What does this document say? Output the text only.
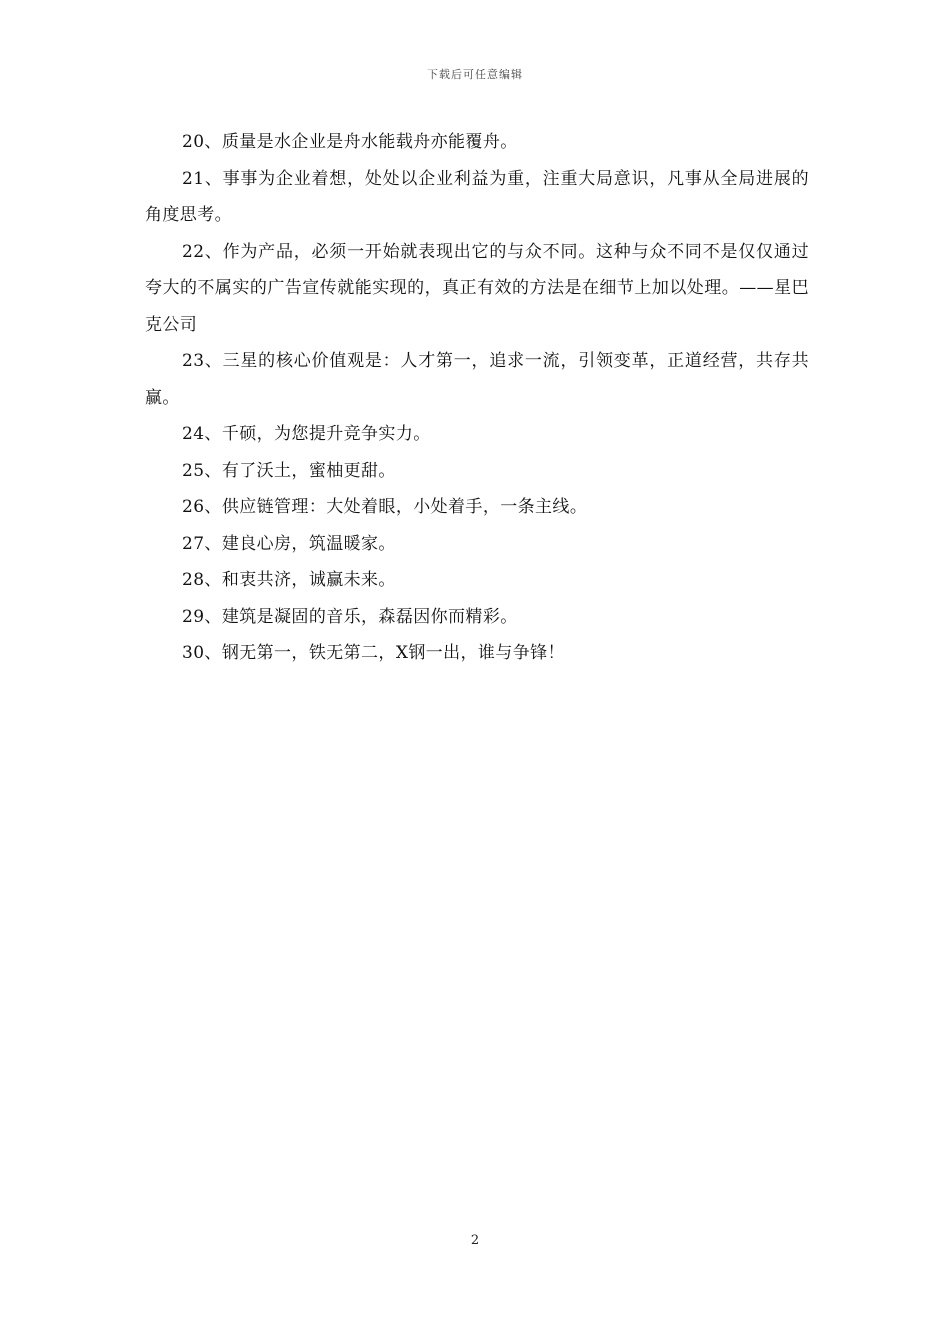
下载后可任意编辑

20、质量是水企业是舟水能载舟亦能覆舟。

21、事事为企业着想，处处以企业利益为重，注重大局意识，凡事从全局进展的角度思考。

22、作为产品，必须一开始就表现出它的与众不同。这种与众不同不是仅仅通过夸大的不属实的广告宣传就能实现的，真正有效的方法是在细节上加以处理。——星巴克公司

23、三星的核心价值观是：人才第一，追求一流，引领变革，正道经营，共存共赢。

24、千硕，为您提升竞争实力。

25、有了沃土，蜜柚更甜。

26、供应链管理：大处着眼，小处着手，一条主线。

27、建良心房，筑温暖家。

28、和衷共济，诚赢未来。

29、建筑是凝固的音乐，森磊因你而精彩。

30、钢无第一，铁无第二，X钢一出，谁与争锋！

2
